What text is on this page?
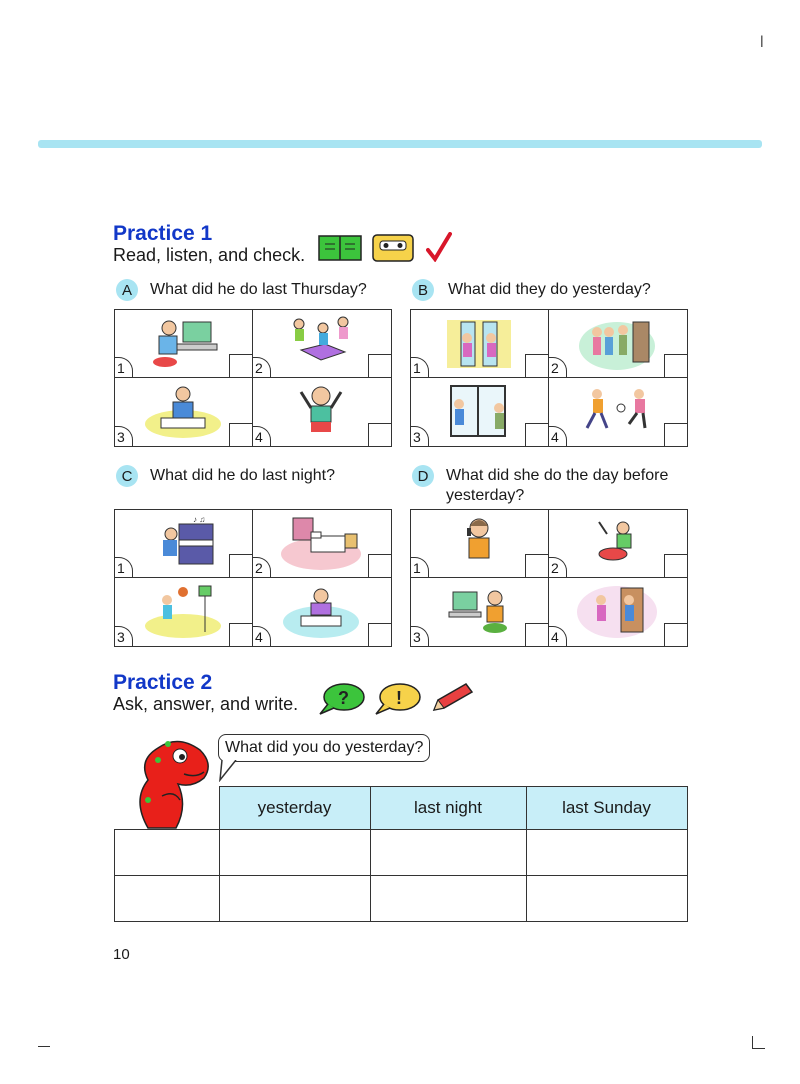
l
Practice 1
Read, listen, and check.
A	What did he do last Thursday?
1	2
3	4
B	What did they do yesterday?
1	2
3	4
C	What did he do last night?
♪ ♫
1	2
3	4
D	What did she do the day before
yesterday?
1	2
3	4
Practice 2
Ask, answer, and write. ?	!
What did you do yesterday?
	yesterday	last night	last Sunday

10
